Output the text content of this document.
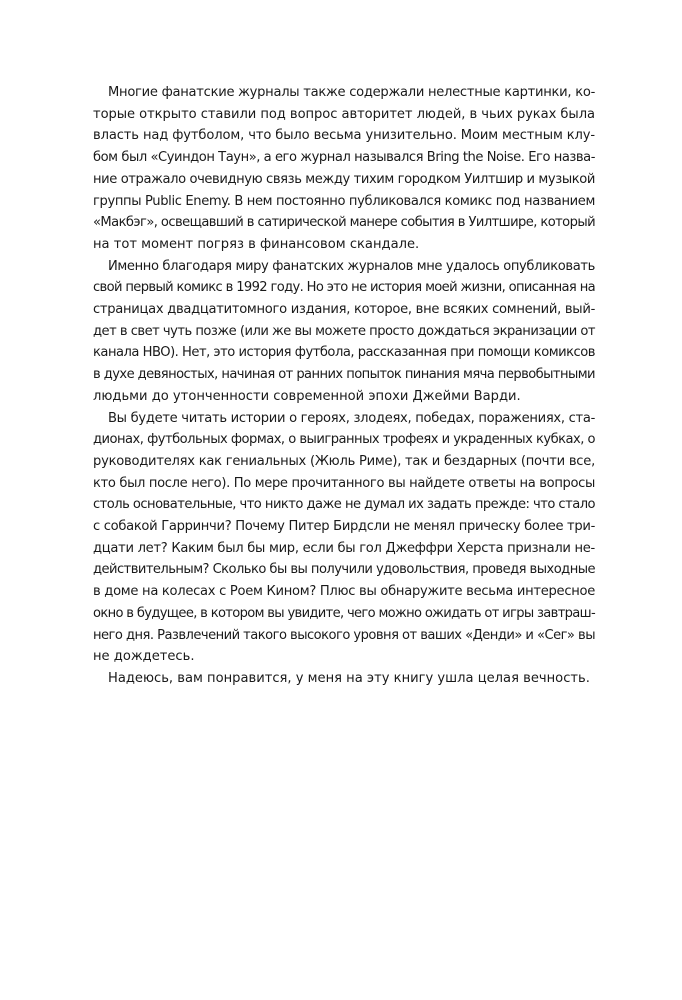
Многие фанатские журналы также содержали нелестные картинки, ко-
торые открыто ставили под вопрос авторитет людей, в чьих руках была
власть над футболом, что было весьма унизительно. Моим местным клу-
бом был «Суиндон Таун», а его журнал назывался Bring the Noise. Его назва-
ние отражало очевидную связь между тихим городком Уилтшир и музыкой
группы Public Enemy. В нем постоянно публиковался комикс под названием
«Макбэг», освещавший в сатирической манере события в Уилтшире, который
на тот момент погряз в финансовом скандале.

Именно благодаря миру фанатских журналов мне удалось опубликовать
свой первый комикс в 1992 году. Но это не история моей жизни, описанная на
страницах двадцатитомного издания, которое, вне всяких сомнений, вый-
дет в свет чуть позже (или же вы можете просто дождаться экранизации от
канала HBO). Нет, это история футбола, рассказанная при помощи комиксов
в духе девяностых, начиная от ранних попыток пинания мяча первобытными
людьми до утонченности современной эпохи Джейми Варди.

Вы будете читать истории о героях, злодеях, победах, поражениях, ста-
дионах, футбольных формах, о выигранных трофеях и украденных кубках, о
руководителях как гениальных (Жюль Риме), так и бездарных (почти все,
кто был после него). По мере прочитанного вы найдете ответы на вопросы
столь основательные, что никто даже не думал их задать прежде: что стало
с собакой Гарринчи? Почему Питер Бирдсли не менял прическу более три-
дцати лет? Каким был бы мир, если бы гол Джеффри Херста признали не-
действительным? Сколько бы вы получили удовольствия, проведя выходные
в доме на колесах с Роем Кином? Плюс вы обнаружите весьма интересное
окно в будущее, в котором вы увидите, чего можно ожидать от игры завтраш-
него дня. Развлечений такого высокого уровня от ваших «Денди» и «Сег» вы
не дождетесь.

Надеюсь, вам понравится, у меня на эту книгу ушла целая вечность.
